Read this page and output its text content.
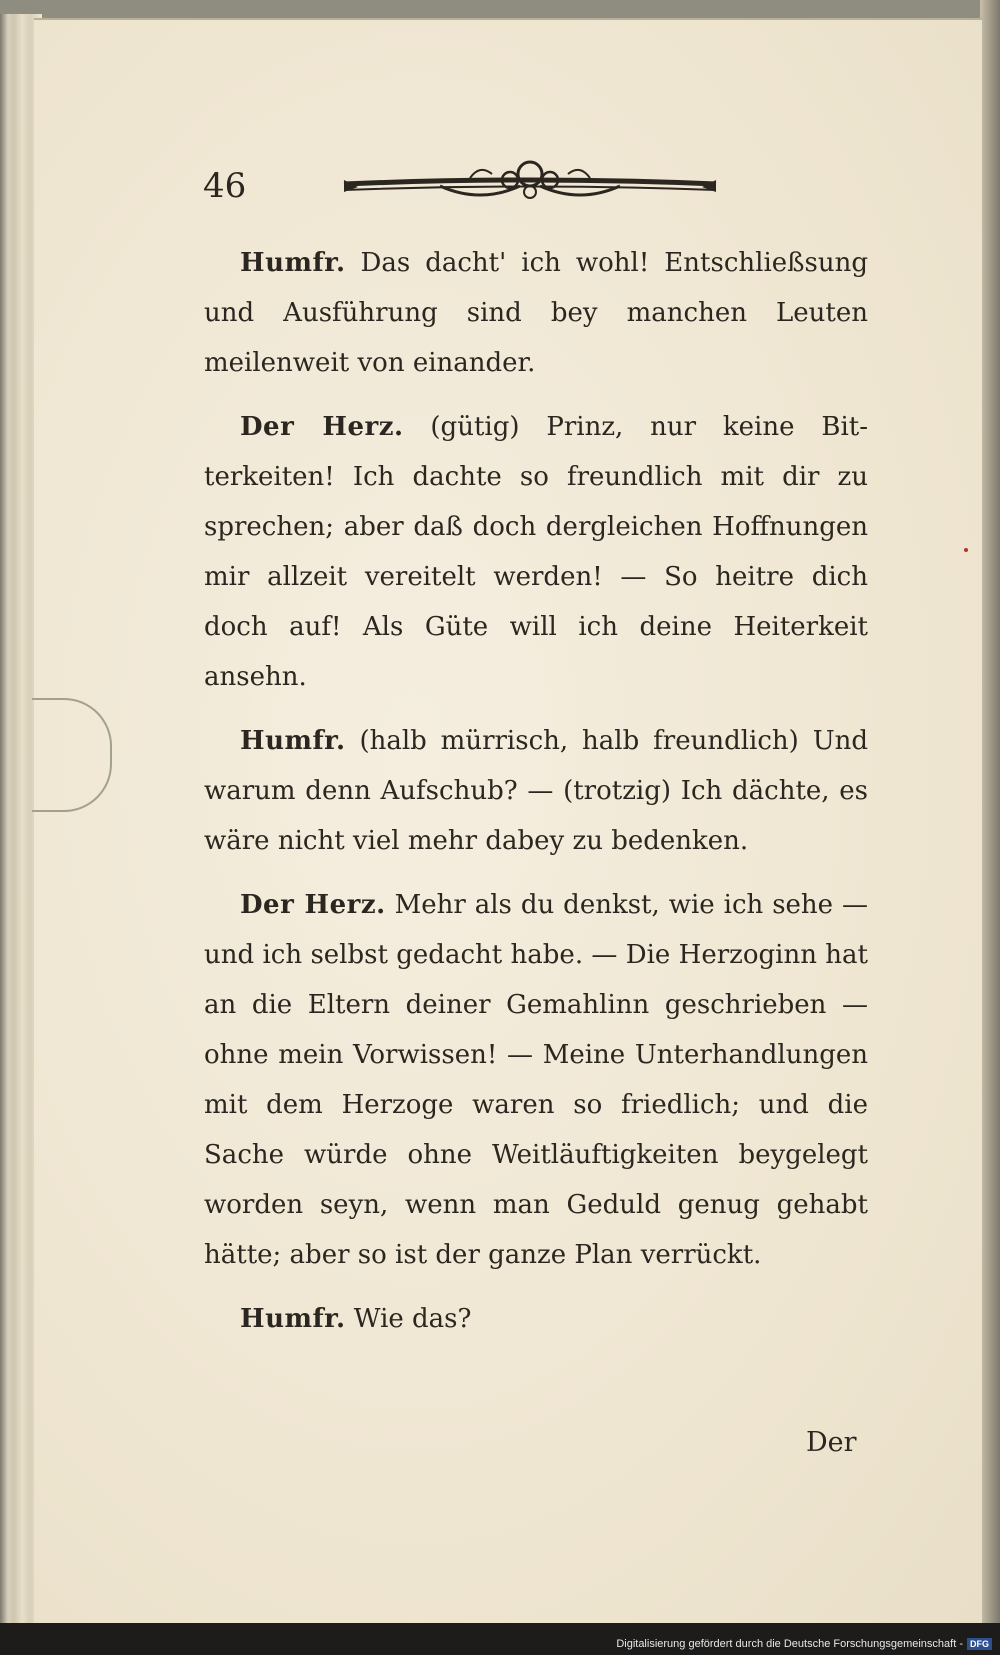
46

Humfr. Das dacht' ich wohl! Entschließsung und Ausführung sind bey manchen Leuten meilenweit von einander.

Der Herz. (gütig) Prinz, nur keine Bitterkeiten! Ich dachte so freundlich mit dir zu sprechen; aber daß doch dergleichen Hoffnungen mir allzeit vereitelt werden! — So heitre dich doch auf! Als Güte will ich deine Heiterkeit ansehn.

Humfr. (halb mürrisch, halb freundlich) Und warum denn Aufschub? — (trotzig) Ich dächte, es wäre nicht viel mehr dabey zu bedenken.

Der Herz. Mehr als du denkst, wie ich sehe — und ich selbst gedacht habe. — Die Herzoginn hat an die Eltern deiner Gemahlinn geschrieben — ohne mein Vorwissen! — Meine Unterhandlungen mit dem Herzoge waren so friedlich; und die Sache würde ohne Weitläuftigkeiten beygelegt worden seyn, wenn man Geduld genug gehabt hätte; aber so ist der ganze Plan verrückt.

Humfr. Wie das?

Der
Digitalisierung gefördert durch die Deutsche Forschungsgemeinschaft - DFG
